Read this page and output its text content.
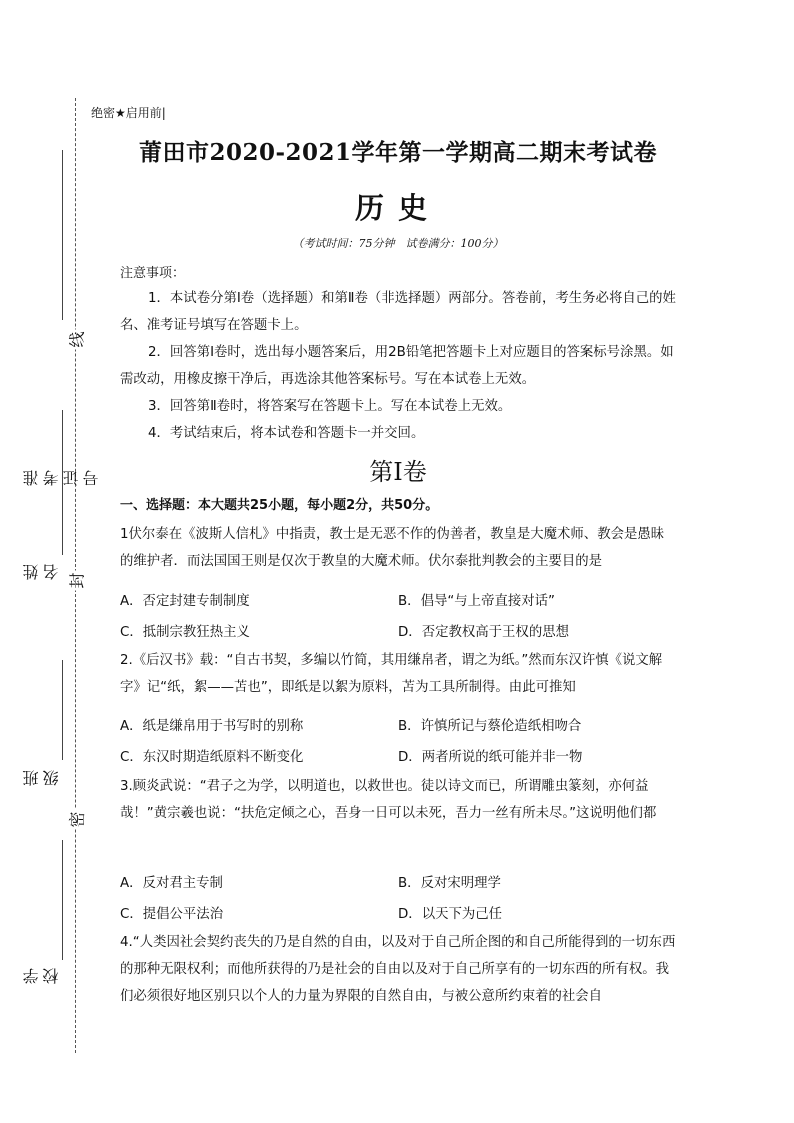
准考证号
姓名
班级
学校
线
封
密
绝密★启用前|
莆田市2020-2021学年第一学期高二期末考试卷
历史
（考试时间：75分钟　试卷满分：100分）
注意事项：
1．本试卷分第Ⅰ卷（选择题）和第Ⅱ卷（非选择题）两部分。答卷前，考生务必将自己的姓名、准考证号填写在答题卡上。
2．回答第Ⅰ卷时，选出每小题答案后，用2B铅笔把答题卡上对应题目的答案标号涂黑。如需改动，用橡皮擦干净后，再选涂其他答案标号。写在本试卷上无效。
3．回答第Ⅱ卷时，将答案写在答题卡上。写在本试卷上无效。
4．考试结束后，将本试卷和答题卡一并交回。
第Ⅰ卷
一、选择题：本大题共25小题，每小题2分，共50分。
1伏尔泰在《波斯人信札》中指责，教士是无恶不作的伪善者，教皇是大魔术师、教会是愚昧的维护者．而法国国王则是仅次于教皇的大魔术师。伏尔泰批判教会的主要目的是
A．否定封建专制制度	B．倡导“与上帝直接对话”
C．抵制宗教狂热主义	D．否定教权高于王权的思想
2.《后汉书》载：“自古书契，多编以竹简，其用缣帛者，谓之为纸。”然而东汉许慎《说文解字》记“纸，絮——苫也”，即纸是以絮为原料，苫为工具所制得。由此可推知
A．纸是缣帛用于书写时的别称	B．许慎所记与蔡伦造纸相吻合
C．东汉时期造纸原料不断变化	D．两者所说的纸可能并非一物
3.顾炎武说：“君子之为学，以明道也，以救世也。徒以诗文而已，所谓雕虫篆刻，亦何益哉！”黄宗羲也说：“扶危定倾之心，吾身一日可以未死，吾力一丝有所未尽。”这说明他们都
A．反对君主专制	B．反对宋明理学
C．提倡公平法治	D．以天下为己任
4.“人类因社会契约丧失的乃是自然的自由，以及对于自己所企图的和自己所能得到的一切东西的那种无限权利；而他所获得的乃是社会的自由以及对于自己所享有的一切东西的所有权。我们必须很好地区别只以个人的力量为界限的自然自由，与被公意所约束着的社会自
